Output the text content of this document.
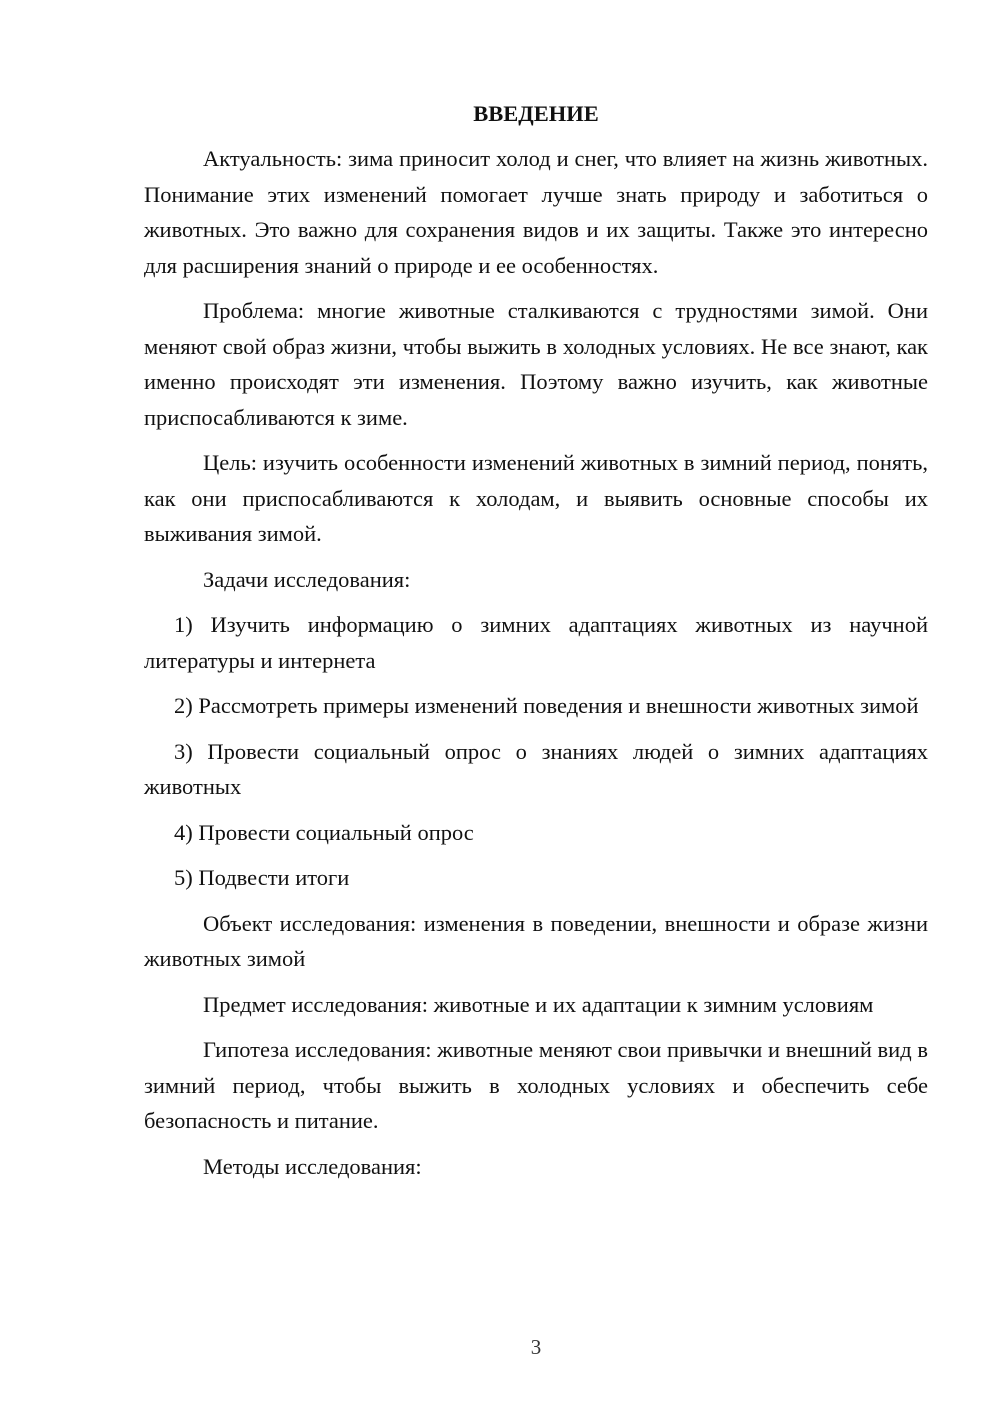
ВВЕДЕНИЕ

Актуальность: зима приносит холод и снег, что влияет на жизнь животных. Понимание этих изменений помогает лучше знать природу и заботиться о животных. Это важно для сохранения видов и их защиты. Также это интересно для расширения знаний о природе и ее особенностях.

Проблема: многие животные сталкиваются с трудностями зимой. Они меняют свой образ жизни, чтобы выжить в холодных условиях. Не все знают, как именно происходят эти изменения. Поэтому важно изучить, как животные приспосабливаются к зиме.

Цель: изучить особенности изменений животных в зимний период, понять, как они приспосабливаются к холодам, и выявить основные способы их выживания зимой.

Задачи исследования:

1) Изучить информацию о зимних адаптациях животных из научной литературы и интернета

2) Рассмотреть примеры изменений поведения и внешности животных зимой

3) Провести социальный опрос о знаниях людей о зимних адаптациях животных

4) Провести социальный опрос

5) Подвести итоги

Объект исследования: изменения в поведении, внешности и образе жизни животных зимой

Предмет исследования: животные и их адаптации к зимним условиям

Гипотеза исследования: животные меняют свои привычки и внешний вид в зимний период, чтобы выжить в холодных условиях и обеспечить себе безопасность и питание.

Методы исследования:

3
